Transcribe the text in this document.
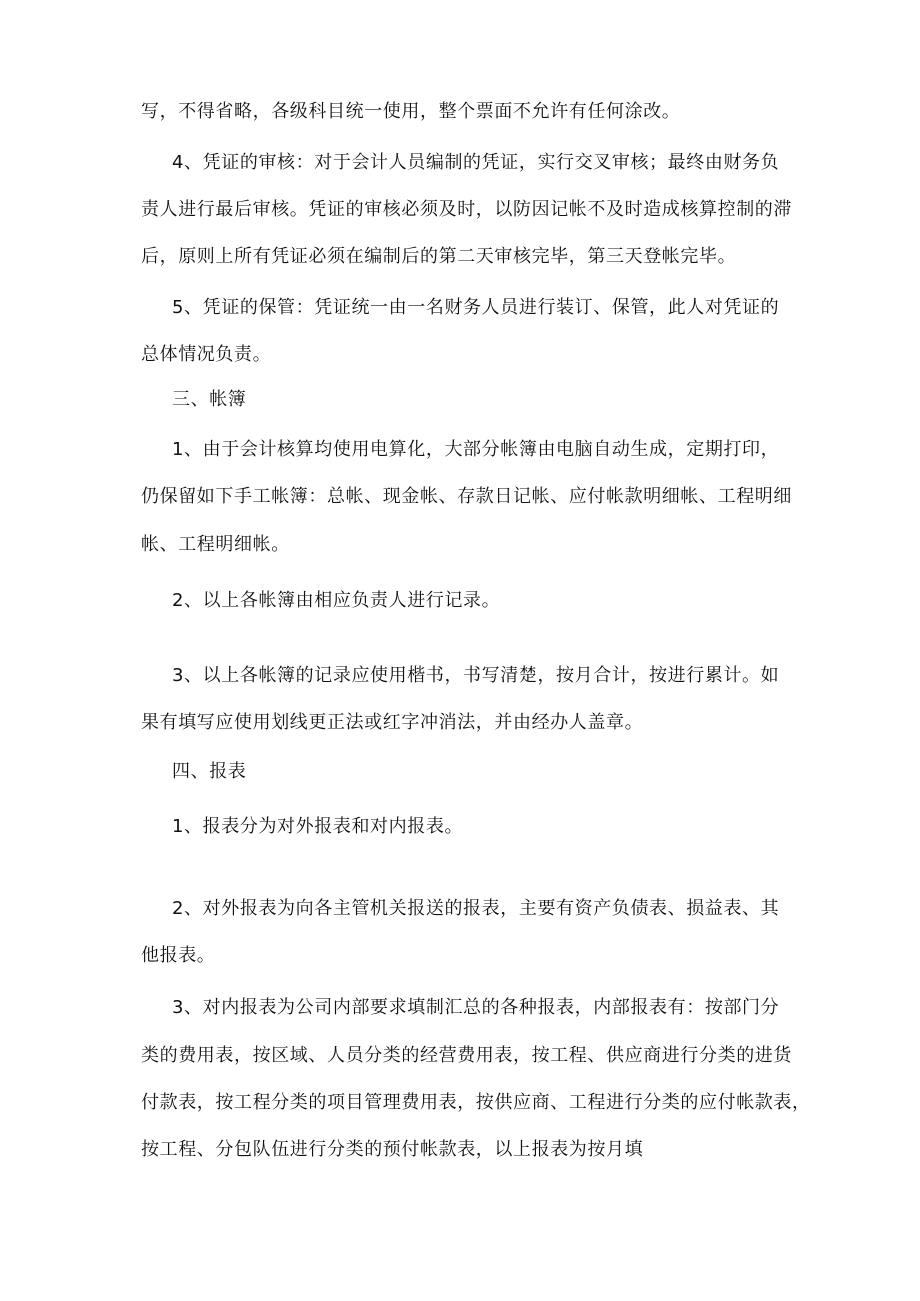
写，不得省略，各级科目统一使用，整个票面不允许有任何涂改。
4、凭证的审核：对于会计人员编制的凭证，实行交叉审核；最终由财务负
责人进行最后审核。凭证的审核必须及时，以防因记帐不及时造成核算控制的滞
后，原则上所有凭证必须在编制后的第二天审核完毕，第三天登帐完毕。
5、凭证的保管：凭证统一由一名财务人员进行装订、保管，此人对凭证的
总体情况负责。
三、帐簿
1、由于会计核算均使用电算化，大部分帐簿由电脑自动生成，定期打印，
仍保留如下手工帐簿：总帐、现金帐、存款日记帐、应付帐款明细帐、工程明细
帐、工程明细帐。
2、以上各帐簿由相应负责人进行记录。
3、以上各帐簿的记录应使用楷书，书写清楚，按月合计，按进行累计。如
果有填写应使用划线更正法或红字冲消法，并由经办人盖章。
四、报表
1、报表分为对外报表和对内报表。
2、对外报表为向各主管机关报送的报表，主要有资产负债表、损益表、其
他报表。
3、对内报表为公司内部要求填制汇总的各种报表，内部报表有：按部门分
类的费用表，按区域、人员分类的经营费用表，按工程、供应商进行分类的进货
付款表，按工程分类的项目管理费用表，按供应商、工程进行分类的应付帐款表，
按工程、分包队伍进行分类的预付帐款表，以上报表为按月填
